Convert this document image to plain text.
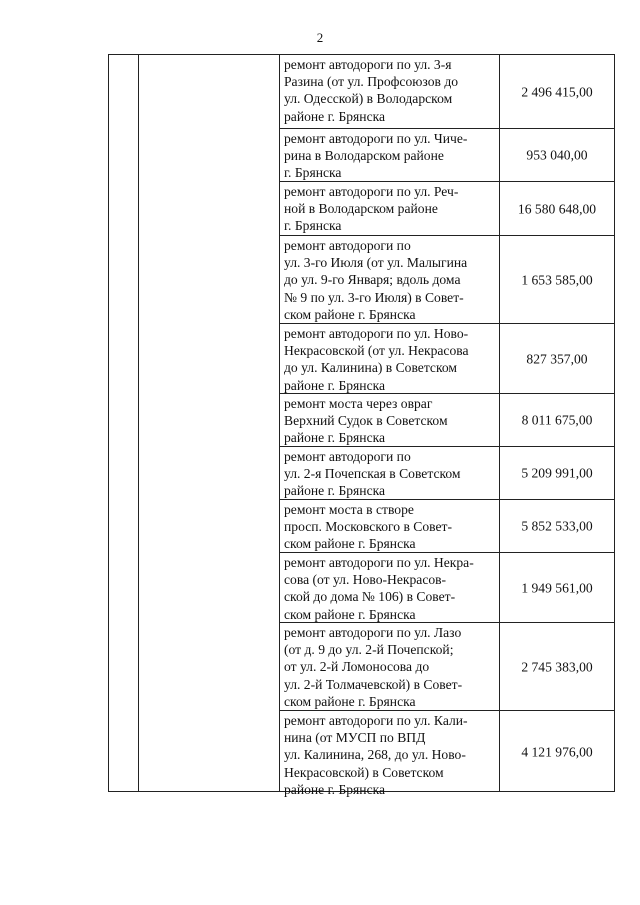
2
ремонт автодороги по ул. 3-я
Разина (от ул. Профсоюзов до
ул. Одесской) в Володарском
районе г. Брянска
2 496 415,00
ремонт автодороги по ул. Чиче-
рина в Володарском районе
г. Брянска
953 040,00
ремонт автодороги по ул. Реч-
ной в Володарском районе
г. Брянска
16 580 648,00
ремонт автодороги по
ул. 3-го Июля (от ул. Малыгина
до ул. 9-го Января; вдоль дома
№ 9 по ул. 3-го Июля) в Совет-
ском районе г. Брянска
1 653 585,00
ремонт автодороги по ул. Ново-
Некрасовской (от ул. Некрасова
до ул. Калинина) в Советском
районе г. Брянска
827 357,00
ремонт моста через овраг
Верхний Судок в Советском
районе г. Брянска
8 011 675,00
ремонт автодороги по
ул. 2-я Почепская в Советском
районе г. Брянска
5 209 991,00
ремонт моста в створе
просп. Московского в Совет-
ском районе г. Брянска
5 852 533,00
ремонт автодороги по ул. Некра-
сова (от ул. Ново-Некрасов-
ской до дома № 106) в Совет-
ском районе г. Брянска
1 949 561,00
ремонт автодороги по ул. Лазо
(от д. 9 до ул. 2-й Почепской;
от ул. 2-й Ломоносова до
ул. 2-й Толмачевской) в Совет-
ском районе г. Брянска
2 745 383,00
ремонт автодороги по ул. Кали-
нина (от МУСП по ВПД
ул. Калинина, 268, до ул. Ново-
Некрасовской) в Советском
районе г. Брянска
4 121 976,00
